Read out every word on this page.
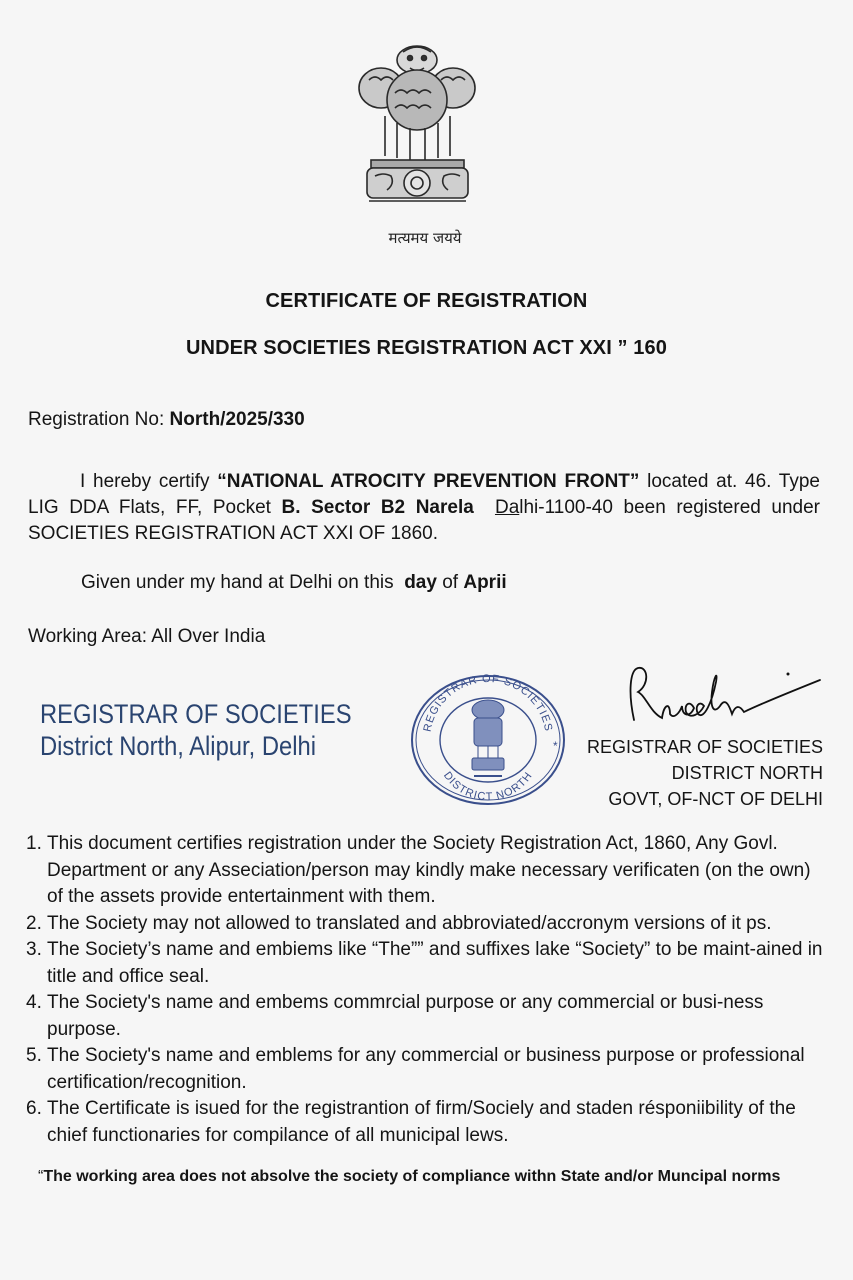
मत्यमय जयये
CERTIFICATE OF REGISTRATION
UNDER SOCIETIES REGISTRATION ACT XXI ” 160
Registration No: North/2025/330
I hereby certify “NATIONAL ATROCITY PREVENTION FRONT” located at. 46. Type LIG DDA Flats, FF, Pocket B. Sector B2 Narela Dalhi-1100-40 been registered under SOCIETIES REGISTRATION ACT XXI OF 1860.
Given under my hand at Delhi on this  day of Aprii
Working Area: All Over India
REGISTRAR OF SOCIETIES
District North, Alipur, Delhi
REGISTRAR OF SOCIETIES
DISTRICT NORTH
*	REGISTRAR OF SOCIETIES
DISTRICT NORTH
GOVT, OF-NCT OF DELHI
1. This document certifies registration under the Society Registration Act, 1860, Any Govl. Department or any Asseciation/person may kindly make necessary verificaten (on the own) of the assets provide entertainment with them.
2. The Society may not allowed to translated and abbroviated/accronym versions of it ps.
3. The Society’s name and embiems like “The”” and suffixes lake “Society” to be maint-ained in title and office seal.
4. The Society's name and embems commrcial purpose or any commercial or busi-ness purpose.
5. The Society's name and emblems for any commercial or business purpose or professional certification/recognition.
6. The Certificate is isued for the registrantion of firm/Sociely and staden résponiibility of the chief functionaries for compilance of all municipal lews.
“The working area does not absolve the society of compliance withn State and/or Muncipal norms
